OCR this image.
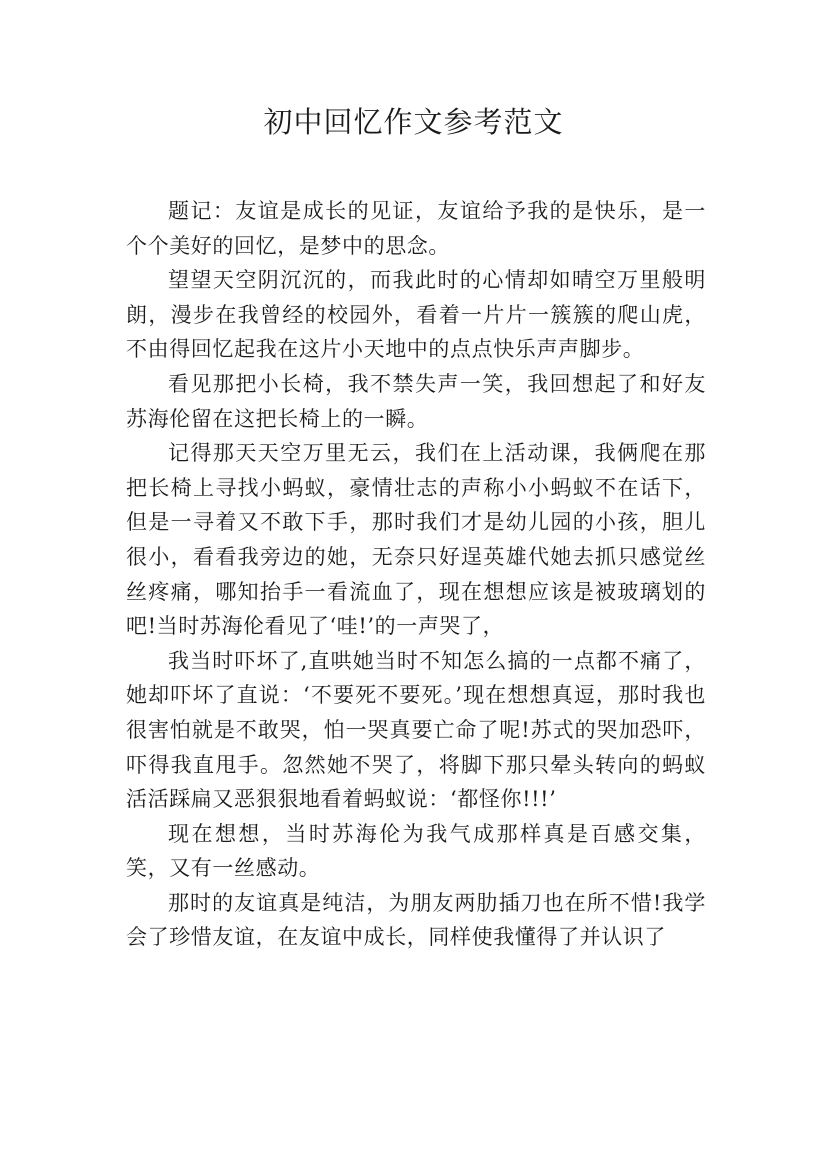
初中回忆作文参考范文

题记：友谊是成长的见证，友谊给予我的是快乐，是一个个美好的回忆，是梦中的思念。

望望天空阴沉沉的，而我此时的心情却如晴空万里般明朗，漫步在我曾经的校园外，看着一片片一簇簇的爬山虎，不由得回忆起我在这片小天地中的点点快乐声声脚步。

看见那把小长椅，我不禁失声一笑，我回想起了和好友苏海伦留在这把长椅上的一瞬。

记得那天天空万里无云，我们在上活动课，我俩爬在那把长椅上寻找小蚂蚁，豪情壮志的声称小小蚂蚁不在话下，但是一寻着又不敢下手，那时我们才是幼儿园的小孩，胆儿很小，看看我旁边的她，无奈只好逞英雄代她去抓只感觉丝丝疼痛，哪知抬手一看流血了，现在想想应该是被玻璃划的吧!当时苏海伦看见了‘哇!’的一声哭了，

我当时吓坏了,直哄她当时不知怎么搞的一点都不痛了，她却吓坏了直说：‘不要死不要死。’现在想想真逗，那时我也很害怕就是不敢哭，怕一哭真要亡命了呢!苏式的哭加恐吓，吓得我直甩手。忽然她不哭了，将脚下那只晕头转向的蚂蚁活活踩扁又恶狠狠地看着蚂蚁说：‘都怪你!!!’

现在想想，当时苏海伦为我气成那样真是百感交集，笑，又有一丝感动。

那时的友谊真是纯洁，为朋友两肋插刀也在所不惜!我学会了珍惜友谊，在友谊中成长，同样使我懂得了并认识了
